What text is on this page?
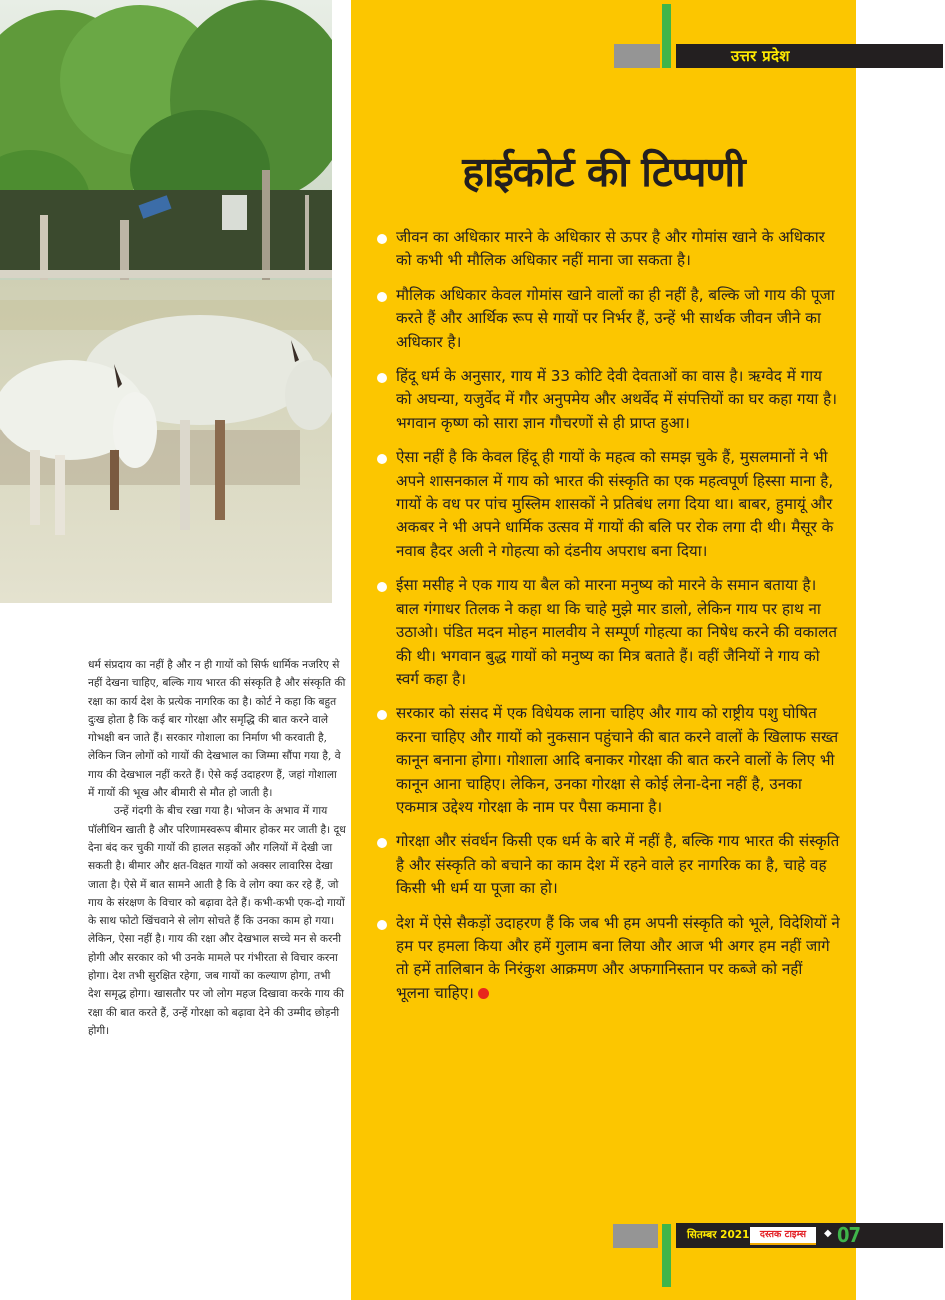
धर्म संप्रदाय का नहीं है और न ही गायों को सिर्फ धार्मिक नजरिए से नहीं देखना चाहिए, बल्कि गाय भारत की संस्कृति है और संस्कृति की रक्षा का कार्य देश के प्रत्येक नागरिक का है। कोर्ट ने कहा कि बहुत दुःख होता है कि कई बार गोरक्षा और समृद्धि की बात करने वाले गोभक्षी बन जाते हैं। सरकार गोशाला का निर्माण भी करवाती है, लेकिन जिन लोगों को गायों की देखभाल का जिम्मा सौंपा गया है, वे गाय की देखभाल नहीं करते हैं। ऐसे कई उदाहरण हैं, जहां गोशाला में गायों की भूख और बीमारी से मौत हो जाती है।

उन्हें गंदगी के बीच रखा गया है। भोजन के अभाव में गाय पॉलीथिन खाती है और परिणामस्वरूप बीमार होकर मर जाती है। दूध देना बंद कर चुकी गायों की हालत सड़कों और गलियों में देखी जा सकती है। बीमार और क्षत-विक्षत गायों को अक्सर लावारिस देखा जाता है। ऐसे में बात सामने आती है कि वे लोग क्या कर रहे हैं, जो गाय के संरक्षण के विचार को बढ़ावा देते हैं। कभी-कभी एक-दो गायों के साथ फोटो खिंचवाने से लोग सोचते हैं कि उनका काम हो गया। लेकिन, ऐसा नहीं है। गाय की रक्षा और देखभाल सच्चे मन से करनी होगी और सरकार को भी उनके मामले पर गंभीरता से विचार करना होगा। देश तभी सुरक्षित रहेगा, जब गायों का कल्याण होगा, तभी देश समृद्ध होगा। खासतौर पर जो लोग महज दिखावा करके गाय की रक्षा की बात करते हैं, उन्हें गोरक्षा को बढ़ावा देने की उम्मीद छोड़नी होगी।

उत्तर प्रदेश
हाईकोर्ट की टिप्पणी
जीवन का अधिकार मारने के अधिकार से ऊपर है और गोमांस खाने के अधिकार को कभी भी मौलिक अधिकार नहीं माना जा सकता है।
मौलिक अधिकार केवल गोमांस खाने वालों का ही नहीं है, बल्कि जो गाय की पूजा करते हैं और आर्थिक रूप से गायों पर निर्भर हैं, उन्हें भी सार्थक जीवन जीने का अधिकार है।
हिंदू धर्म के अनुसार, गाय में 33 कोटि देवी देवताओं का वास है। ऋग्वेद में गाय को अघन्या, यजुर्वेद में गौर अनुपमेय और अथर्वेद में संपत्तियों का घर कहा गया है। भगवान कृष्ण को सारा ज्ञान गौचरणों से ही प्राप्त हुआ।
ऐसा नहीं है कि केवल हिंदू ही गायों के महत्व को समझ चुके हैं, मुसलमानों ने भी अपने शासनकाल में गाय को भारत की संस्कृति का एक महत्वपूर्ण हिस्सा माना है, गायों के वध पर पांच मुस्लिम शासकों ने प्रतिबंध लगा दिया था। बाबर, हुमायूं और अकबर ने भी अपने धार्मिक उत्सव में गायों की बलि पर रोक लगा दी थी। मैसूर के नवाब हैदर अली ने गोहत्या को दंडनीय अपराध बना दिया।
ईसा मसीह ने एक गाय या बैल को मारना मनुष्य को मारने के समान बताया है। बाल गंगाधर तिलक ने कहा था कि चाहे मुझे मार डालो, लेकिन गाय पर हाथ ना उठाओ। पंडित मदन मोहन मालवीय ने सम्पूर्ण गोहत्या का निषेध करने की वकालत की थी। भगवान बुद्ध गायों को मनुष्य का मित्र बताते हैं। वहीं जैनियों ने गाय को स्वर्ग कहा है।
सरकार को संसद में एक विधेयक लाना चाहिए और गाय को राष्ट्रीय पशु घोषित करना चाहिए और गायों को नुकसान पहुंचाने की बात करने वालों के खिलाफ सख्त कानून बनाना होगा। गोशाला आदि बनाकर गोरक्षा की बात करने वालों के लिए भी कानून आना चाहिए। लेकिन, उनका गोरक्षा से कोई लेना-देना नहीं है, उनका एकमात्र उद्देश्य गोरक्षा के नाम पर पैसा कमाना है।
गोरक्षा और संवर्धन किसी एक धर्म के बारे में नहीं है, बल्कि गाय भारत की संस्कृति है और संस्कृति को बचाने का काम देश में रहने वाले हर नागरिक का है, चाहे वह किसी भी धर्म या पूजा का हो।
देश में ऐसे सैकड़ों उदाहरण हैं कि जब भी हम अपनी संस्कृति को भूले, विदेशियों ने हम पर हमला किया और हमें गुलाम बना लिया और आज भी अगर हम नहीं जागे तो हमें तालिबान के निरंकुश आक्रमण और अफगानिस्तान पर कब्जे को नहीं भूलना चाहिए।
सितम्बर 2021	दस्तक टाइम्स	◆ 07
